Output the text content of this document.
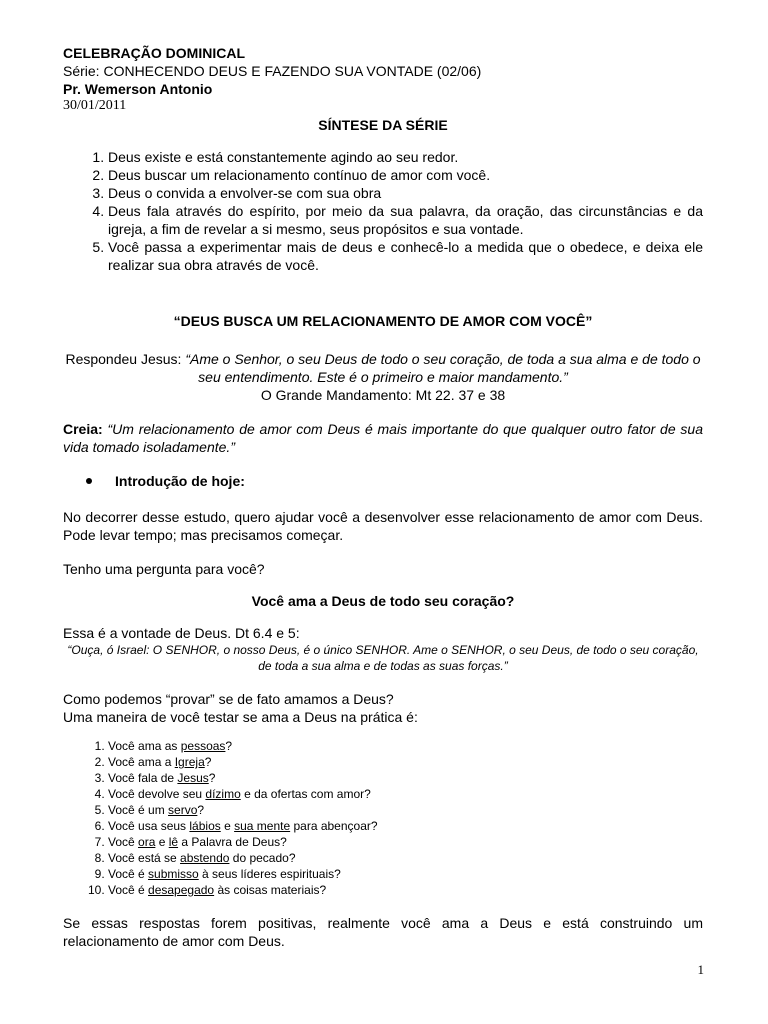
CELEBRAÇÃO DOMINICAL

Série: CONHECENDO DEUS E FAZENDO SUA VONTADE (02/06)

Pr. Wemerson Antonio

30/01/2011

SÍNTESE DA SÉRIE
1. Deus existe e está constantemente agindo ao seu redor.
2. Deus buscar um relacionamento contínuo de amor com você.
3. Deus o convida a envolver-se com sua obra
4. Deus fala através do espírito, por meio da sua palavra, da oração, das circunstâncias e da igreja, a fim de revelar a si mesmo, seus propósitos e sua vontade.
5. Você passa a experimentar mais de deus e conhecê-lo a medida que o obedece, e deixa ele realizar sua obra através de você.
“DEUS BUSCA UM RELACIONAMENTO DE AMOR COM VOCÊ”
Respondeu Jesus: “Ame o Senhor, o seu Deus de todo o seu coração, de toda a sua alma e de todo o seu entendimento. Este é o primeiro e maior mandamento.”
O Grande Mandamento: Mt 22. 37 e 38

Creia: “Um relacionamento de amor com Deus é mais importante do que qualquer outro fator de sua vida tomado isoladamente.”

Introdução de hoje:

No decorrer desse estudo, quero ajudar você a desenvolver esse relacionamento de amor com Deus. Pode levar tempo; mas precisamos começar.

Tenho uma pergunta para você?

Você ama a Deus de todo seu coração?

Essa é a vontade de Deus. Dt 6.4 e 5:

“Ouça, ó Israel: O SENHOR, o nosso Deus, é o único SENHOR. Ame o SENHOR, o seu Deus, de todo o seu coração, de toda a sua alma e de todas as suas forças.”

Como podemos “provar” se de fato amamos a Deus?

Uma maneira de você testar se ama a Deus na prática é:

1. Você ama as pessoas?
2. Você ama a Igreja?
3. Você fala de Jesus?
4. Você devolve seu dízimo e da ofertas com amor?
5. Você é um servo?
6. Você usa seus lábios e sua mente para abençoar?
7. Você ora e lê a Palavra de Deus?
8. Você está se abstendo do pecado?
9. Você é submisso à seus líderes espirituais?
10. Você é desapegado às coisas materiais?

Se essas respostas forem positivas, realmente você ama a Deus e está construindo um relacionamento de amor com Deus.

1
